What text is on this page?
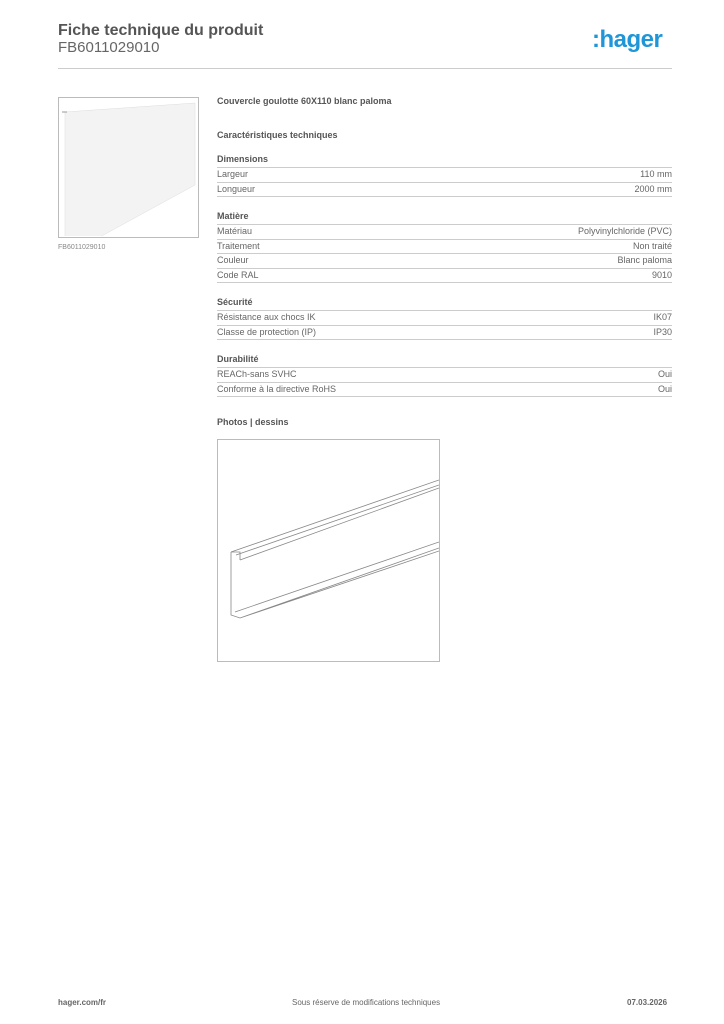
Fiche technique du produit
FB6011029010	:hager
FB6011029010
Couvercle goulotte 60X110 blanc paloma
Caractéristiques techniques
Dimensions
Largeur	110 mm
Longueur	2000 mm
Matière
Matériau	Polyvinylchloride (PVC)
Traitement	Non traité
Couleur	Blanc paloma
Code RAL	9010
Sécurité
Résistance aux chocs IK	IK07
Classe de protection (IP)	IP30
Durabilité
REACh-sans SVHC	Oui
Conforme à la directive RoHS	Oui
Photos | dessins
hager.com/fr	Sous réserve de modifications techniques	07.03.2026
